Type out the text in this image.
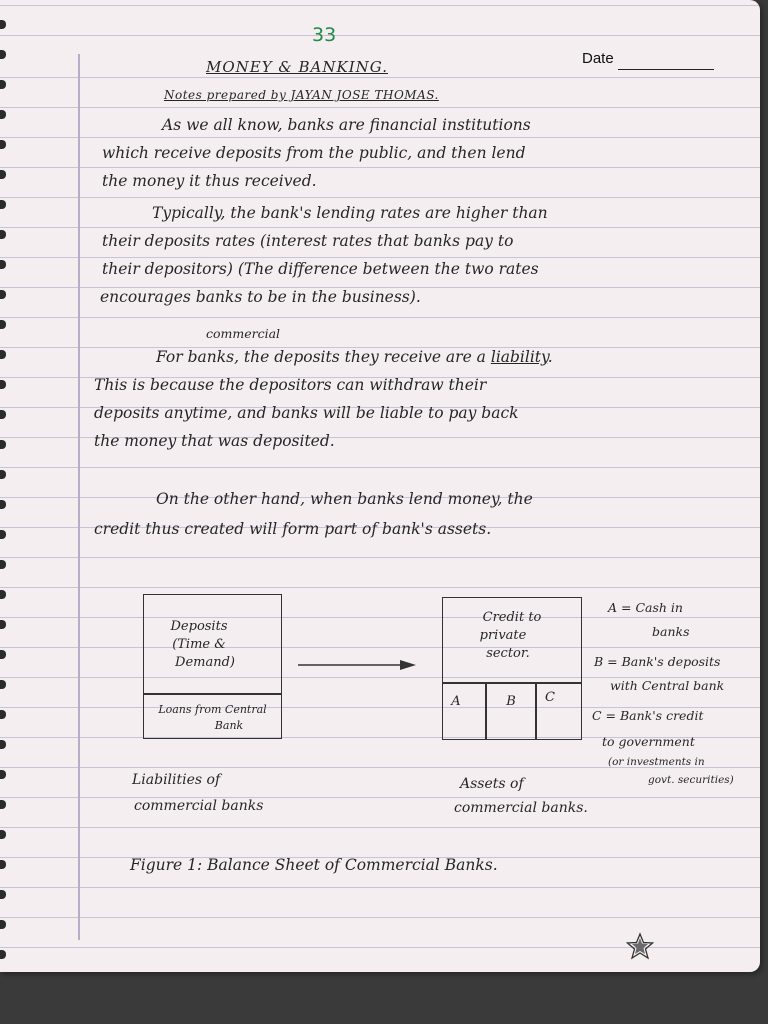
33
Date
MONEY & BANKING.
Notes prepared by JAYAN JOSE THOMAS.
As we all know, banks are financial institutions
which receive deposits from the public, and then lend
the money it thus received.
Typically, the bank's lending rates are higher than
their deposits rates (interest rates that banks pay to
their depositors) (The difference between the two rates
encourages banks to be in the business).
commercial
For banks, the deposits they receive are a liability.
This is because the depositors can withdraw their
deposits anytime, and banks will be liable to pay back
the money that was deposited.
On the other hand, when banks lend money, the
credit thus created will form part of bank's assets.
Deposits
(Time &
Demand)
Loans from Central
Bank
Credit to
private
sector.
A	B	C
A = Cash in
banks
B = Bank's deposits
with Central bank
C = Bank's credit
to government
(or investments in
govt. securities)
Liabilities of
commercial banks
Assets of
commercial banks.
Figure 1: Balance Sheet of Commercial Banks.
